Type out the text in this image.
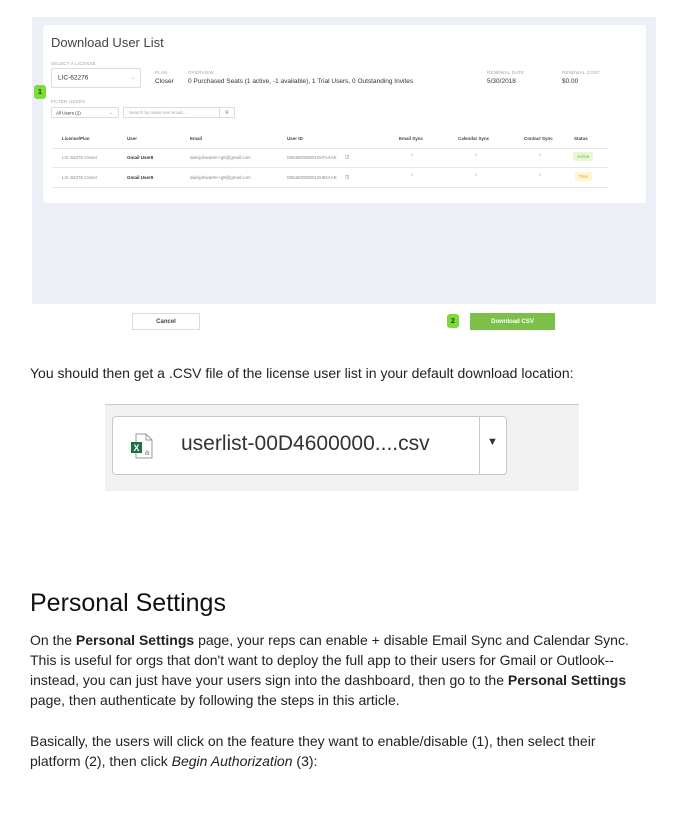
Download User List
SELECT A LICENSE
LIC-62276	⌄
PLAN
Closer
OVERVIEW
0 Purchased Seats (1 active, -1 available), 1 Trial Users, 0 Outstanding Invites
RENEWAL DATE
5/30/2018
RENEWAL COST
$0.00
1
FILTER USERS
All Users (2)	⌄	Search by name and email...	⚲
License/Plan	User	Email	User ID	Email Sync	Calendar Sync	Contact Sync	Status
LIC-62276 Closer	Gmail User8	dainijohwarter+g8@gmail.com	0054600000010H7vAAE ◫	×	×	×	Active
LIC-62276 Closer	Gmail User9	dainijohwarter+g9@gmail.com	0054600000010H82AAE ◫	×	×	×	Trial
Cancel	2	Download CSV

You should then get a .CSV file of the license user list in your default download location:

X a userlist-00D4600000....csv	▼
Personal Settings

On the Personal Settings page, your reps can enable + disable Email Sync and Calendar Sync. This is useful for orgs that don't want to deploy the full app to their users for Gmail or Outlook--instead, you can just have your users sign into the dashboard, then go to the Personal Settings page, then authenticate by following the steps in this article.

Basically, the users will click on the feature they want to enable/disable (1), then select their platform (2), then click Begin Authorization (3):
